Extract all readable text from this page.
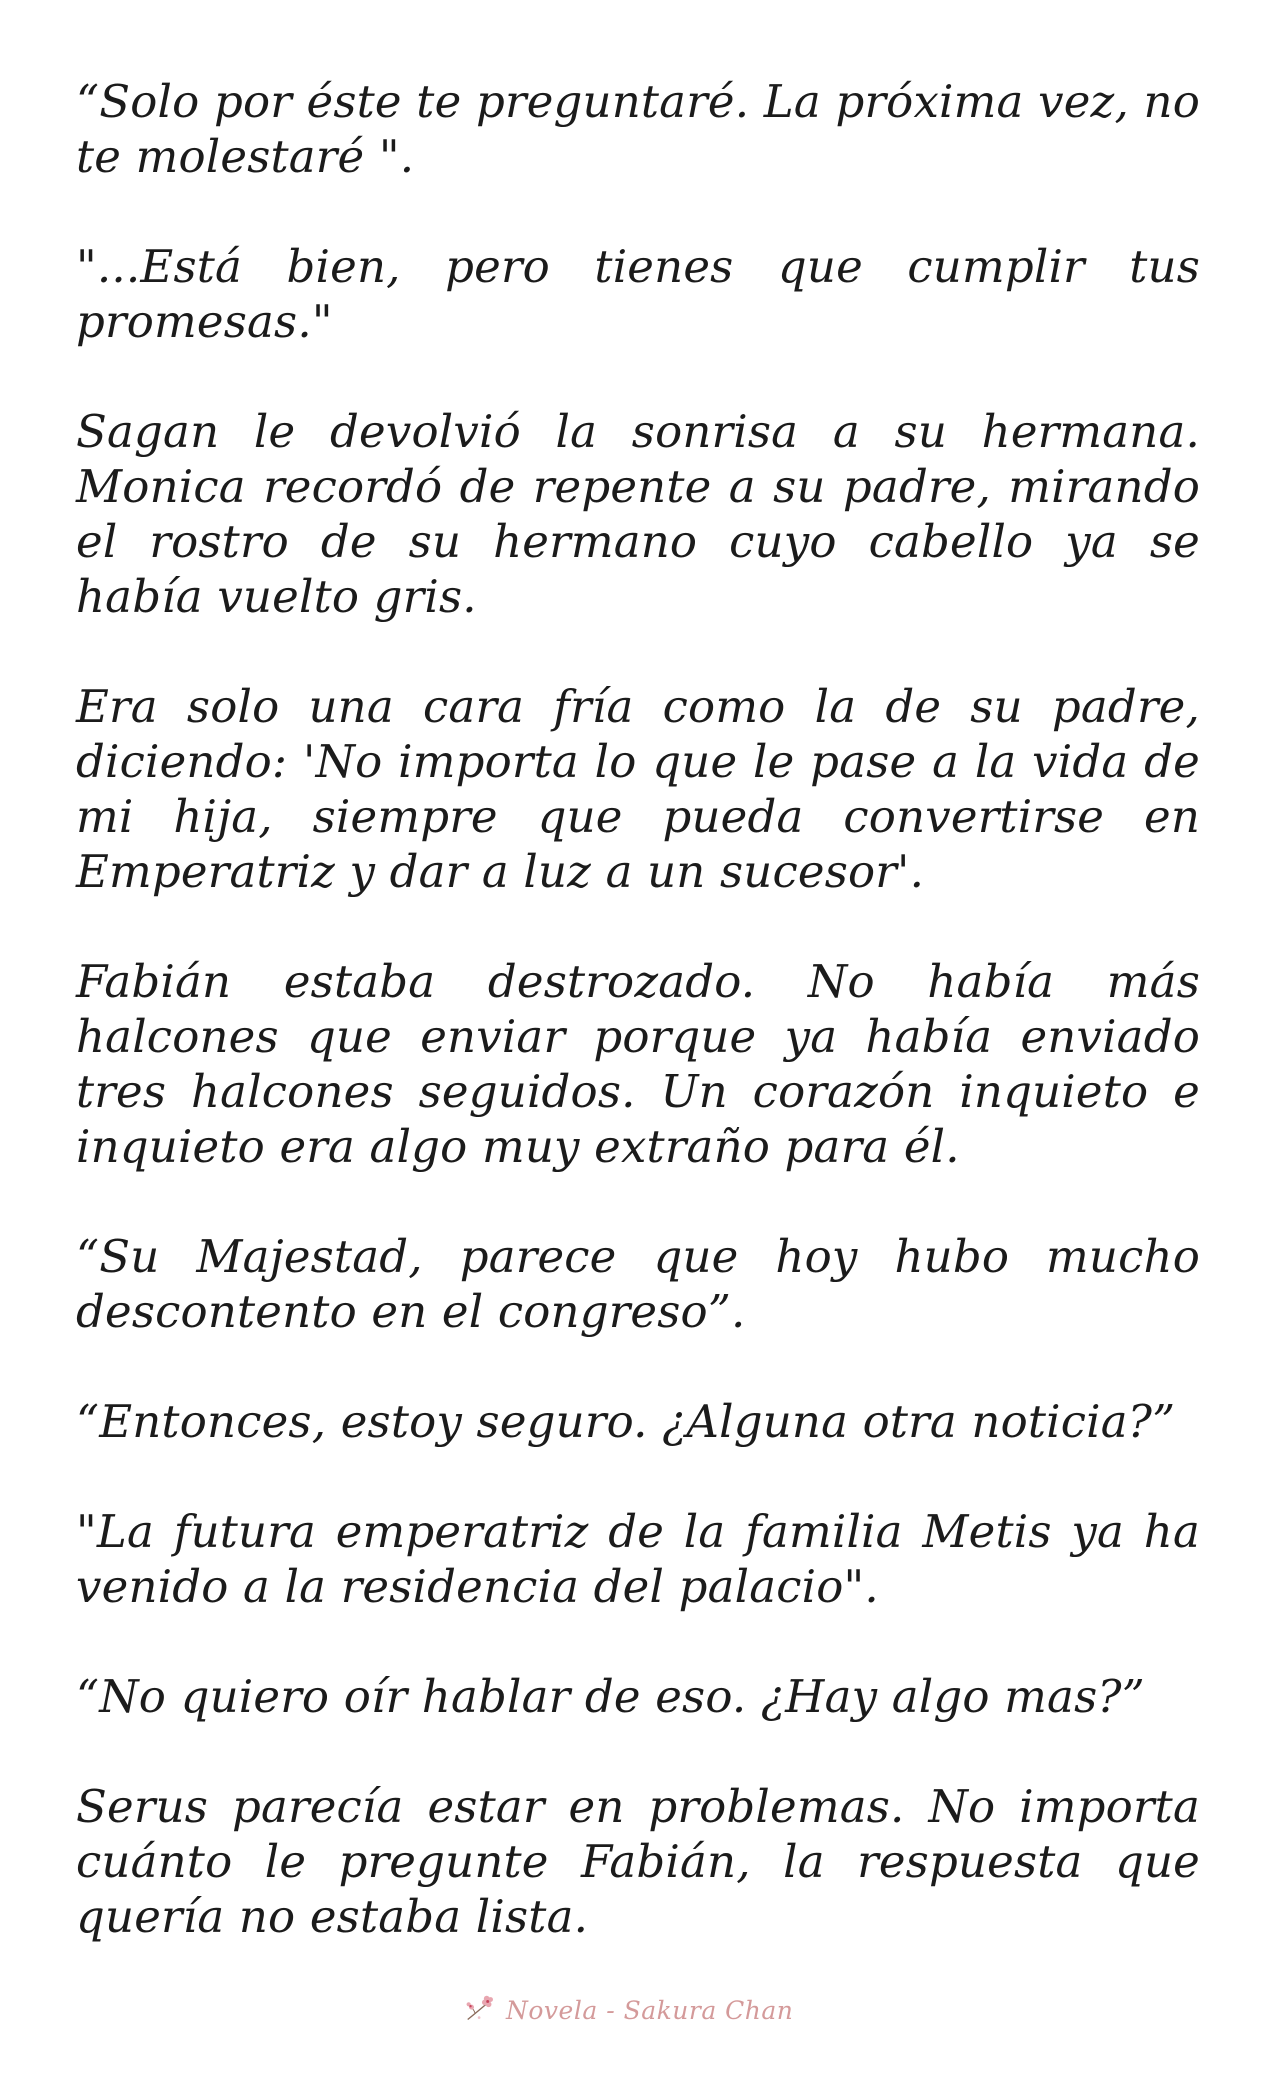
“Solo por éste te preguntaré. La próxima vez, no te molestaré ".

"...Está bien, pero tienes que cumplir tus promesas."

Sagan le devolvió la sonrisa a su hermana. Monica recordó de repente a su padre, mirando el rostro de su hermano cuyo cabello ya se había vuelto gris.

Era solo una cara fría como la de su padre, diciendo: 'No importa lo que le pase a la vida de mi hija, siempre que pueda convertirse en Emperatriz y dar a luz a un sucesor'.

Fabián estaba destrozado. No había más halcones que enviar porque ya había enviado tres halcones seguidos. Un corazón inquieto e inquieto era algo muy extraño para él.

“Su Majestad, parece que hoy hubo mucho descontento en el congreso”.

“Entonces, estoy seguro. ¿Alguna otra noticia?”

"La futura emperatriz de la familia Metis ya ha venido a la residencia del palacio".

“No quiero oír hablar de eso. ¿Hay algo mas?”

Serus parecía estar en problemas. No importa cuánto le pregunte Fabián, la respuesta que quería no estaba lista.

Novela - Sakura Chan
